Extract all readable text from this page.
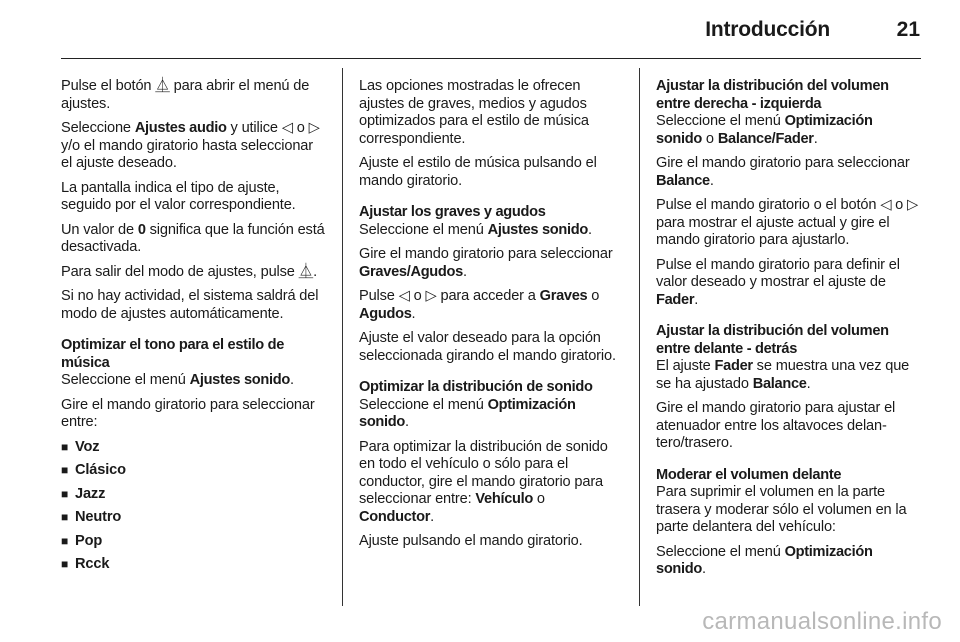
Introducción	21

Pulse el botón ⏅ para abrir el menú de ajustes.

Seleccione Ajustes audio y utilice ◁ o ▷ y/o el mando giratorio hasta seleccionar el ajuste deseado.

La pantalla indica el tipo de ajuste, seguido por el valor correspondiente.

Un valor de 0 significa que la función está desactivada.

Para salir del modo de ajustes, pulse ⏅.

Si no hay actividad, el sistema saldrá del modo de ajustes automáticamente.

Optimizar el tono para el estilo de música

Seleccione el menú Ajustes sonido.

Gire el mando giratorio para seleccionar entre:

■ Voz
■ Clásico
■ Jazz
■ Neutro
■ Pop
■ Rcck

Las opciones mostradas le ofrecen ajustes de graves, medios y agudos optimizados para el estilo de música correspondiente.

Ajuste el estilo de música pulsando el mando giratorio.

Ajustar los graves y agudos

Seleccione el menú Ajustes sonido.

Gire el mando giratorio para seleccionar Graves/Agudos.

Pulse ◁ o ▷ para acceder a Graves o Agudos.

Ajuste el valor deseado para la opción seleccionada girando el mando giratorio.

Optimizar la distribución de sonido

Seleccione el menú Optimización sonido.

Para optimizar la distribución de sonido en todo el vehículo o sólo para el conductor, gire el mando giratorio para seleccionar entre: Vehículo o Conductor.

Ajuste pulsando el mando giratorio.

Ajustar la distribución del volumen entre derecha - izquierda

Seleccione el menú Optimización sonido o Balance/Fader.

Gire el mando giratorio para seleccionar Balance.

Pulse el mando giratorio o el botón ◁ o ▷ para mostrar el ajuste actual y gire el mando giratorio para ajustarlo.

Pulse el mando giratorio para definir el valor deseado y mostrar el ajuste de Fader.

Ajustar la distribución del volumen entre delante - detrás

El ajuste Fader se muestra una vez que se ha ajustado Balance.

Gire el mando giratorio para ajustar el atenuador entre los altavoces delantero/trasero.

Moderar el volumen delante

Para suprimir el volumen en la parte trasera y moderar sólo el volumen en la parte delantera del vehículo:

Seleccione el menú Optimización sonido.

carmanualsonline.info
